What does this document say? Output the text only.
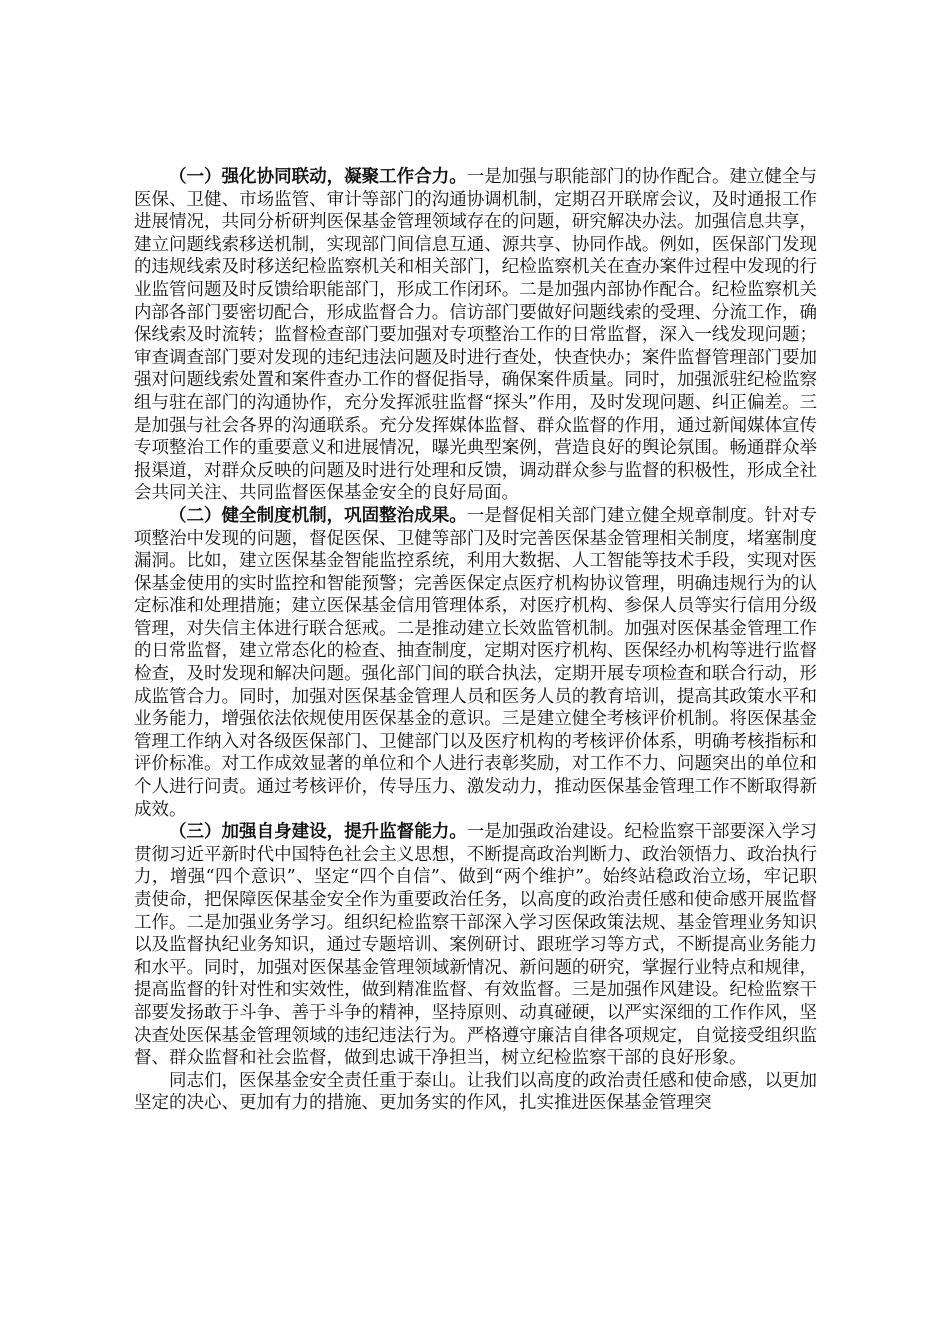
（一）强化协同联动，凝聚工作合力。一是加强与职能部门的协作配合。建立健全与医保、卫健、市场监管、审计等部门的沟通协调机制，定期召开联席会议，及时通报工作进展情况，共同分析研判医保基金管理领域存在的问题，研究解决办法。加强信息共享，建立问题线索移送机制，实现部门间信息互通、源共享、协同作战。例如，医保部门发现的违规线索及时移送纪检监察机关和相关部门，纪检监察机关在查办案件过程中发现的行业监管问题及时反馈给职能部门，形成工作闭环。二是加强内部协作配合。纪检监察机关内部各部门要密切配合，形成监督合力。信访部门要做好问题线索的受理、分流工作，确保线索及时流转；监督检查部门要加强对专项整治工作的日常监督，深入一线发现问题；审查调查部门要对发现的违纪违法问题及时进行查处，快查快办；案件监督管理部门要加强对问题线索处置和案件查办工作的督促指导，确保案件质量。同时，加强派驻纪检监察组与驻在部门的沟通协作，充分发挥派驻监督“探头”作用，及时发现问题、纠正偏差。三是加强与社会各界的沟通联系。充分发挥媒体监督、群众监督的作用，通过新闻媒体宣传专项整治工作的重要意义和进展情况，曝光典型案例，营造良好的舆论氛围。畅通群众举报渠道，对群众反映的问题及时进行处理和反馈，调动群众参与监督的积极性，形成全社会共同关注、共同监督医保基金安全的良好局面。

（二）健全制度机制，巩固整治成果。一是督促相关部门建立健全规章制度。针对专项整治中发现的问题，督促医保、卫健等部门及时完善医保基金管理相关制度，堵塞制度漏洞。比如，建立医保基金智能监控系统，利用大数据、人工智能等技术手段，实现对医保基金使用的实时监控和智能预警；完善医保定点医疗机构协议管理，明确违规行为的认定标准和处理措施；建立医保基金信用管理体系，对医疗机构、参保人员等实行信用分级管理，对失信主体进行联合惩戒。二是推动建立长效监管机制。加强对医保基金管理工作的日常监督，建立常态化的检查、抽查制度，定期对医疗机构、医保经办机构等进行监督检查，及时发现和解决问题。强化部门间的联合执法，定期开展专项检查和联合行动，形成监管合力。同时，加强对医保基金管理人员和医务人员的教育培训，提高其政策水平和业务能力，增强依法依规使用医保基金的意识。三是建立健全考核评价机制。将医保基金管理工作纳入对各级医保部门、卫健部门以及医疗机构的考核评价体系，明确考核指标和评价标准。对工作成效显著的单位和个人进行表彰奖励，对工作不力、问题突出的单位和个人进行问责。通过考核评价，传导压力、激发动力，推动医保基金管理工作不断取得新成效。

（三）加强自身建设，提升监督能力。一是加强政治建设。纪检监察干部要深入学习贯彻习近平新时代中国特色社会主义思想，不断提高政治判断力、政治领悟力、政治执行力，增强“四个意识”、坚定“四个自信”、做到“两个维护”。始终站稳政治立场，牢记职责使命，把保障医保基金安全作为重要政治任务，以高度的政治责任感和使命感开展监督工作。二是加强业务学习。组织纪检监察干部深入学习医保政策法规、基金管理业务知识以及监督执纪业务知识，通过专题培训、案例研讨、跟班学习等方式，不断提高业务能力和水平。同时，加强对医保基金管理领域新情况、新问题的研究，掌握行业特点和规律，提高监督的针对性和实效性，做到精准监督、有效监督。三是加强作风建设。纪检监察干部要发扬敢于斗争、善于斗争的精神，坚持原则、动真碰硬，以严实深细的工作作风，坚决查处医保基金管理领域的违纪违法行为。严格遵守廉洁自律各项规定，自觉接受组织监督、群众监督和社会监督，做到忠诚干净担当，树立纪检监察干部的良好形象。

同志们，医保基金安全责任重于泰山。让我们以高度的政治责任感和使命感，以更加坚定的决心、更加有力的措施、更加务实的作风，扎实推进医保基金管理突
